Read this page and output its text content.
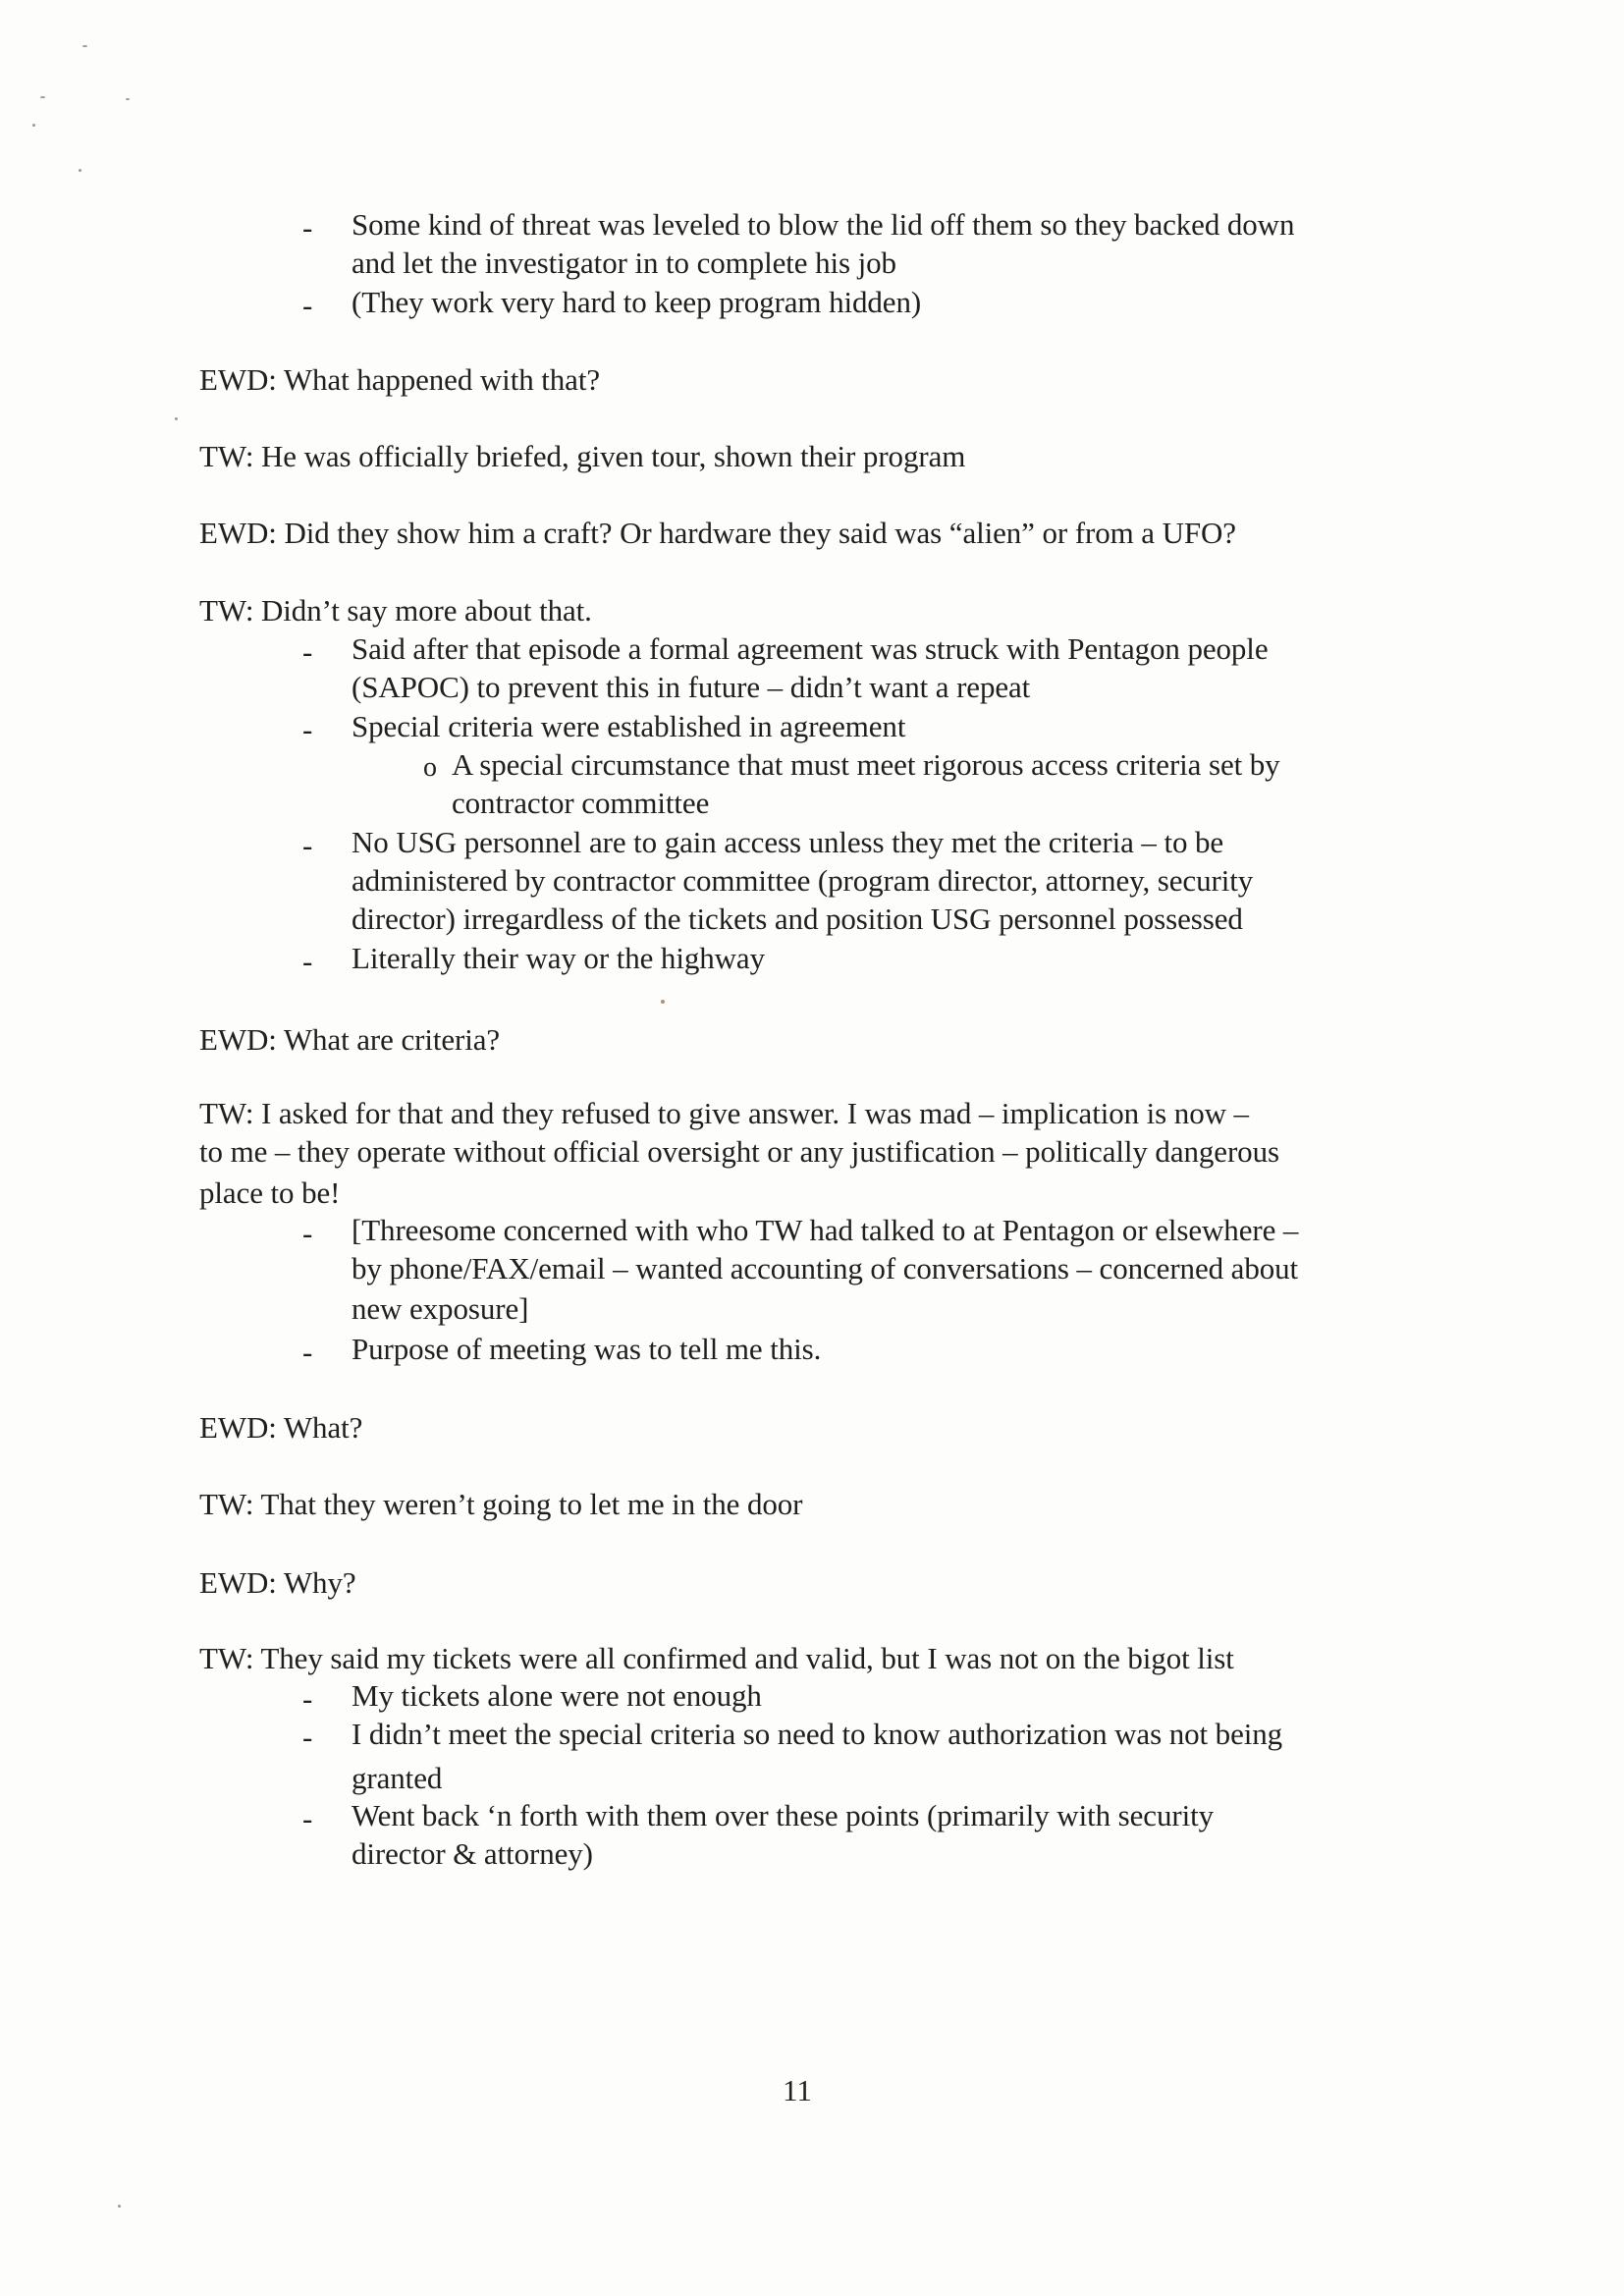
- Some kind of threat was leveled to blow the lid off them so they backed down
and let the investigator in to complete his job
- (They work very hard to keep program hidden)
EWD: What happened with that?
TW: He was officially briefed, given tour, shown their program
EWD: Did they show him a craft? Or hardware they said was “alien” or from a UFO?
TW: Didn’t say more about that.
- Said after that episode a formal agreement was struck with Pentagon people
(SAPOC) to prevent this in future – didn’t want a repeat
- Special criteria were established in agreement
o A special circumstance that must meet rigorous access criteria set by
contractor committee
- No USG personnel are to gain access unless they met the criteria – to be
administered by contractor committee (program director, attorney, security
director) irregardless of the tickets and position USG personnel possessed
- Literally their way or the highway
EWD: What are criteria?
TW: I asked for that and they refused to give answer. I was mad – implication is now –
to me – they operate without official oversight or any justification – politically dangerous
place to be!
- [Threesome concerned with who TW had talked to at Pentagon or elsewhere –
by phone/FAX/email – wanted accounting of conversations – concerned about
new exposure]
- Purpose of meeting was to tell me this.
EWD: What?
TW: That they weren’t going to let me in the door
EWD: Why?
TW: They said my tickets were all confirmed and valid, but I was not on the bigot list
- My tickets alone were not enough
- I didn’t meet the special criteria so need to know authorization was not being
granted
- Went back ‘n forth with them over these points (primarily with security
director & attorney)
11
